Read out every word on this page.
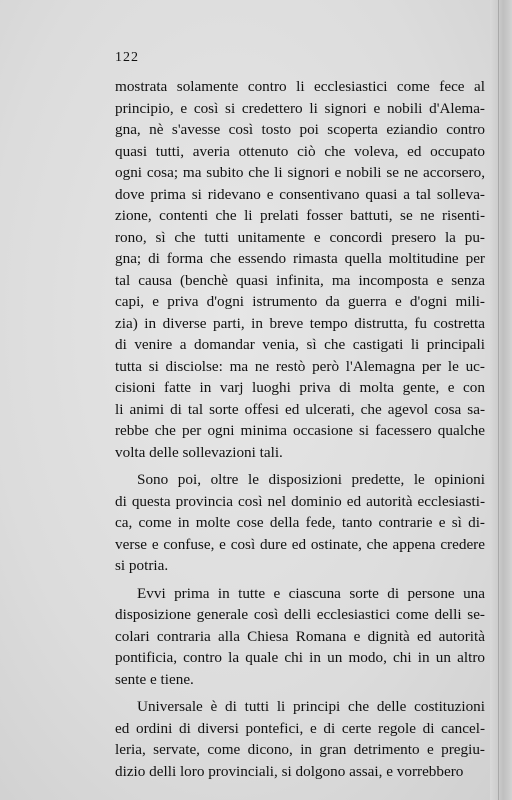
122
mostrata solamente contro li ecclesiastici come fece al
principio, e così si credettero li signori e nobili d'Alema-
gna, nè s'avesse così tosto poi scoperta eziandio contro
quasi tutti, averia ottenuto ciò che voleva, ed occupato
ogni cosa; ma subito che li signori e nobili se ne accorsero,
dove prima si ridevano e consentivano quasi a tal solleva-
zione, contenti che li prelati fosser battuti, se ne risenti-
rono, sì che tutti unitamente e concordi presero la pu-
gna; di forma che essendo rimasta quella moltitudine per
tal causa (benchè quasi infinita, ma incomposta e senza
capi, e priva d'ogni istrumento da guerra e d'ogni mili-
zia) in diverse parti, in breve tempo distrutta, fu costretta
di venire a domandar venia, sì che castigati li principali
tutta si disciolse: ma ne restò però l'Alemagna per le uc-
cisioni fatte in varj luoghi priva di molta gente, e con
li animi di tal sorte offesi ed ulcerati, che agevol cosa sa-
rebbe che per ogni minima occasione si facessero qualche
volta delle sollevazioni tali.
Sono poi, oltre le disposizioni predette, le opinioni
di questa provincia così nel dominio ed autorità ecclesiasti-
ca, come in molte cose della fede, tanto contrarie e sì di-
verse e confuse, e così dure ed ostinate, che appena credere
si potria.
Evvi prima in tutte e ciascuna sorte di persone una
disposizione generale così delli ecclesiastici come delli se-
colari contraria alla Chiesa Romana e dignità ed autorità
pontificia, contro la quale chi in un modo, chi in un altro
sente e tiene.
Universale è di tutti li principi che delle costituzioni
ed ordini di diversi pontefici, e di certe regole di cancel-
leria, servate, come dicono, in gran detrimento e pregiu-
dizio delli loro provinciali, si dolgono assai, e vorrebbero
